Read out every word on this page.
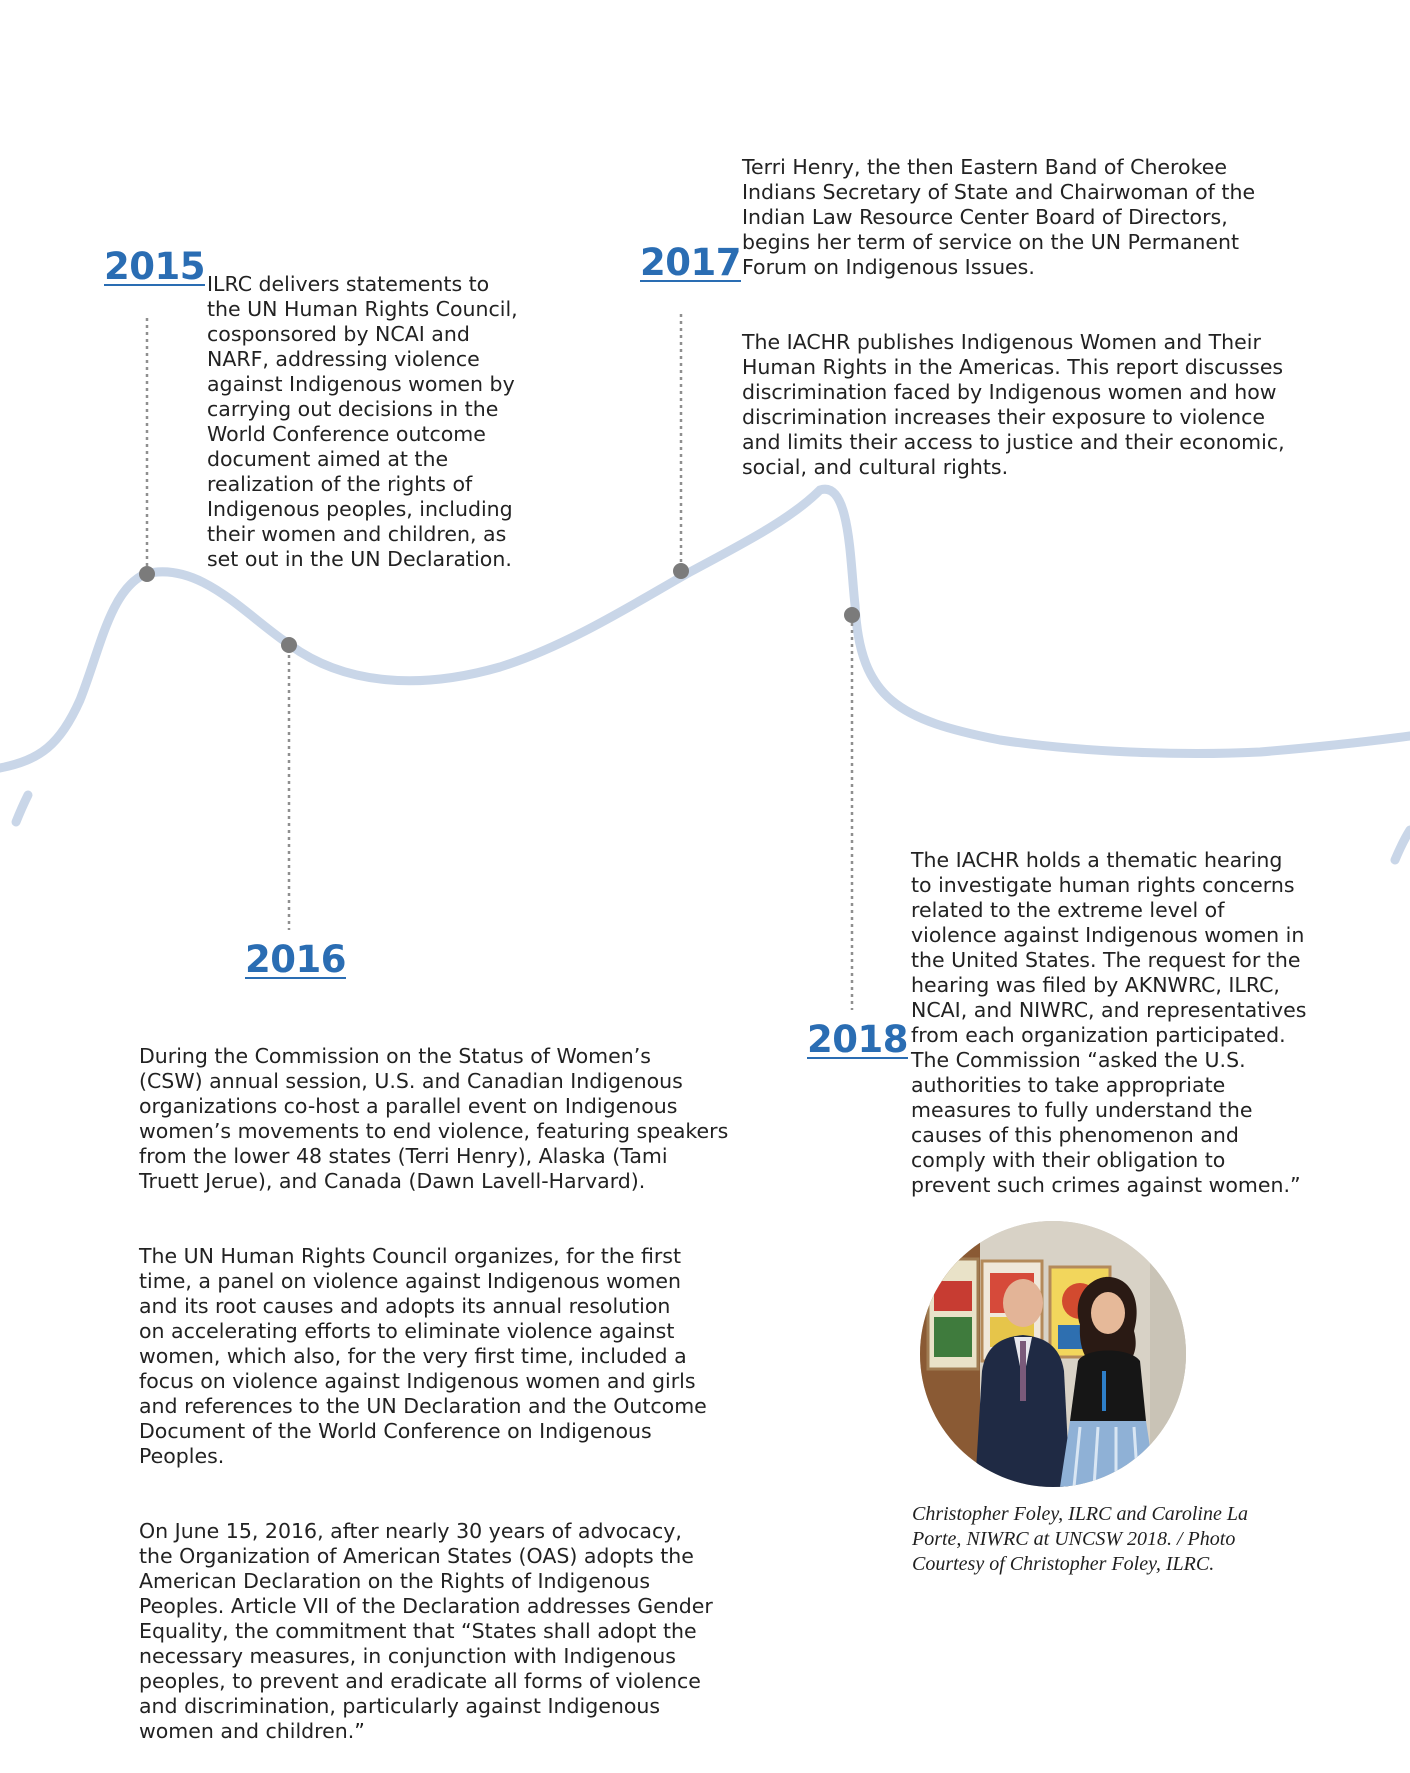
2015 ILRC delivers statements to
the UN Human Rights Council,
cosponsored by NCAI and
NARF, addressing violence
against Indigenous women by
carrying out decisions in the
World Conference outcome
document aimed at the
realization of the rights of
Indigenous peoples, including
their women and children, as
set out in the UN Declaration.

2017

Terri Henry, the then Eastern Band of Cherokee
Indians Secretary of State and Chairwoman of the
Indian Law Resource Center Board of Directors,
begins her term of service on the UN Permanent
Forum on Indigenous Issues.

The IACHR publishes Indigenous Women and Their
Human Rights in the Americas. This report discusses
discrimination faced by Indigenous women and how
discrimination increases their exposure to violence
and limits their access to justice and their economic,
social, and cultural rights.

2016

During the Commission on the Status of Women’s
(CSW) annual session, U.S. and Canadian Indigenous
organizations co-host a parallel event on Indigenous
women’s movements to end violence, featuring speakers
from the lower 48 states (Terri Henry), Alaska (Tami
Truett Jerue), and Canada (Dawn Lavell-Harvard).

The UN Human Rights Council organizes, for the first
time, a panel on violence against Indigenous women
and its root causes and adopts its annual resolution
on accelerating efforts to eliminate violence against
women, which also, for the very first time, included a
focus on violence against Indigenous women and girls
and references to the UN Declaration and the Outcome
Document of the World Conference on Indigenous
Peoples.

On June 15, 2016, after nearly 30 years of advocacy,
the Organization of American States (OAS) adopts the
American Declaration on the Rights of Indigenous
Peoples. Article VII of the Declaration addresses Gender
Equality, the commitment that “States shall adopt the
necessary measures, in conjunction with Indigenous
peoples, to prevent and eradicate all forms of violence
and discrimination, particularly against Indigenous
women and children.”

2018

The IACHR holds a thematic hearing
to investigate human rights concerns
related to the extreme level of
violence against Indigenous women in
the United States. The request for the
hearing was filed by AKNWRC, ILRC,
NCAI, and NIWRC, and representatives
from each organization participated.
The Commission “asked the U.S.
authorities to take appropriate
measures to fully understand the
causes of this phenomenon and
comply with their obligation to
prevent such crimes against women.”

Christopher Foley, ILRC and Caroline La
Porte, NIWRC at UNCSW 2018. / Photo
Courtesy of Christopher Foley, ILRC.
